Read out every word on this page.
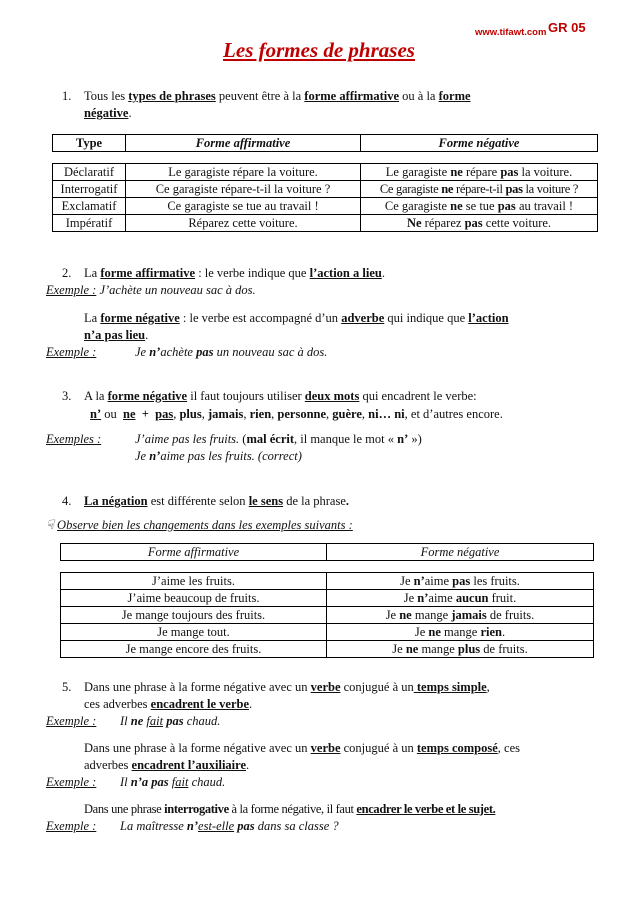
www.tifawt.com GR 05
Les formes de phrases
1. Tous les types de phrases peuvent être à la forme affirmative ou à la forme
négative.
Type	Forme affirmative	Forme négative
Déclaratif	Le garagiste répare la voiture.	Le garagiste ne répare pas la voiture.
Interrogatif	Ce garagiste répare-t-il la voiture ?	Ce garagiste ne répare-t-il pas la voiture ?
Exclamatif	Ce garagiste se tue au travail !	Ce garagiste ne se tue pas au travail !
Impératif	Réparez cette voiture.	Ne réparez pas cette voiture.
2. La forme affirmative : le verbe indique que l’action a lieu.
Exemple : J’achète un nouveau sac à dos.
La forme négative : le verbe est accompagné d’un adverbe qui indique que l’action
n’a pas lieu.
Exemple :	Je n’achète pas un nouveau sac à dos.
3. A la forme négative il faut toujours utiliser deux mots qui encadrent le verbe:
n’ ou ne + pas, plus, jamais, rien, personne, guère, ni… ni, et d’autres encore.
Exemples :	J’aime pas les fruits. (mal écrit, il manque le mot « n’ »)
Je n’aime pas les fruits. (correct)
4. La négation est différente selon le sens de la phrase.
☟ Observe bien les changements dans les exemples suivants :
Forme affirmative	Forme négative
J’aime les fruits.	Je n’aime pas les fruits.
J’aime beaucoup de fruits.	Je n’aime aucun fruit.
Je mange toujours des fruits.	Je ne mange jamais de fruits.
Je mange tout.	Je ne mange rien.
Je mange encore des fruits.	Je ne mange plus de fruits.
5. Dans une phrase à la forme négative avec un verbe conjugué à un temps simple,
ces adverbes encadrent le verbe.
Exemple : Il ne fait pas chaud.
Dans une phrase à la forme négative avec un verbe conjugué à un temps composé, ces
adverbes encadrent l’auxiliaire.
Exemple : Il n’a pas fait chaud.
Dans une phrase interrogative à la forme négative, il faut encadrer le verbe et le sujet.
Exemple : La maîtresse n’est-elle pas dans sa classe ?
